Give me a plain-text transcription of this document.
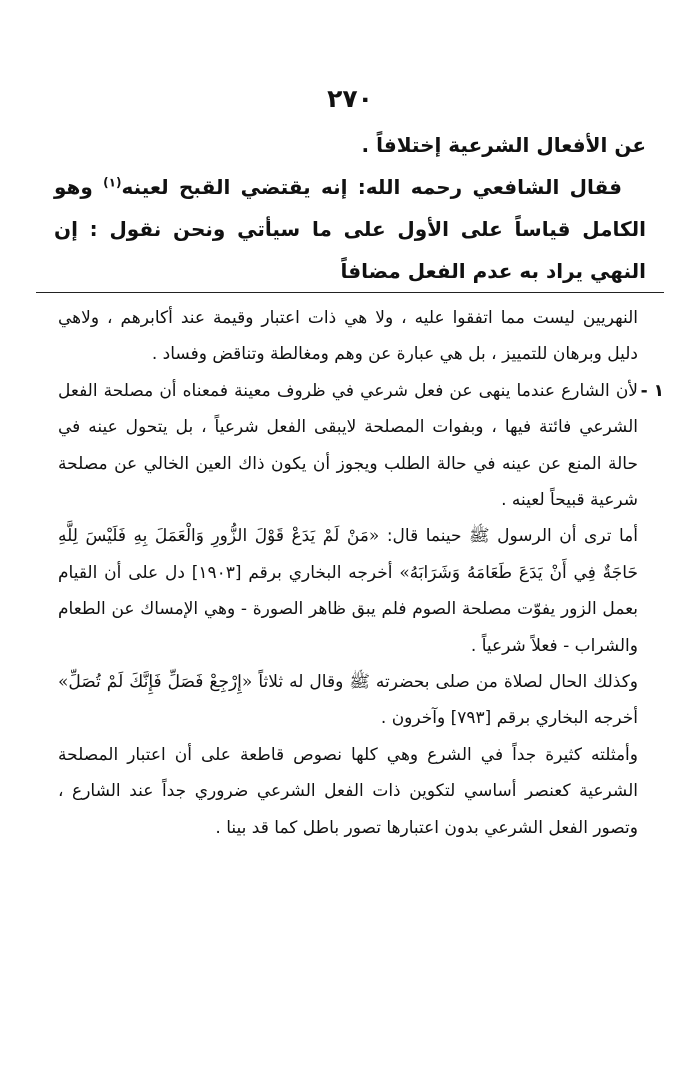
٢٧٠

عن الأفعال الشرعية إختلافاً .

فقال الشافعي رحمه الله: إنه يقتضي القبح لعينه$^{(١)}$ وهو الكامل قياساً على الأول على ما سيأتي ونحن نقول : إن النهي يراد به عدم الفعل مضافاً

النهريين ليست مما اتفقوا عليه ، ولا هي ذات اعتبار وقيمة عند أكابرهم ، ولاهي دليل وبرهان للتمييز ، بل هي عبارة عن وهم ومغالطة وتناقض وفساد .

١ -

لأن الشارع عندما ينهى عن فعل شرعي في ظروف معينة فمعناه أن مصلحة الفعل الشرعي فائتة فيها ، وبفوات المصلحة لايبقى الفعل شرعياً ، بل يتحول عينه في حالة المنع عن عينه في حالة الطلب ويجوز أن يكون ذاك العين الخالي عن مصلحة شرعية قبيحاً لعينه .

أما ترى أن الرسول ﷺ حينما قال: «مَنْ لَمْ يَدَعْ قَوْلَ الزُّورِ وَالْعَمَلَ بِهِ فَلَيْسَ لِلَّهِ حَاجَةٌ فِي أَنْ يَدَعَ طَعَامَهُ وَشَرَابَهُ» أخرجه البخاري برقم [١٩٠٣] دل على أن القيام بعمل الزور يفوّت مصلحة الصوم فلم يبق ظاهر الصورة - وهي الإمساك عن الطعام والشراب - فعلاً شرعياً .

وكذلك الحال لصلاة من صلى بحضرته ﷺ وقال له ثلاثاً «إِرْجِعْ فَصَلِّ فَإِنَّكَ لَمْ تُصَلِّ» أخرجه البخاري برقم [٧٩٣] وآخرون .

وأمثلته كثيرة جداً في الشرع وهي كلها نصوص قاطعة على أن اعتبار المصلحة الشرعية كعنصر أساسي لتكوين ذات الفعل الشرعي ضروري جداً عند الشارع ، وتصور الفعل الشرعي بدون اعتبارها تصور باطل كما قد بينا .
